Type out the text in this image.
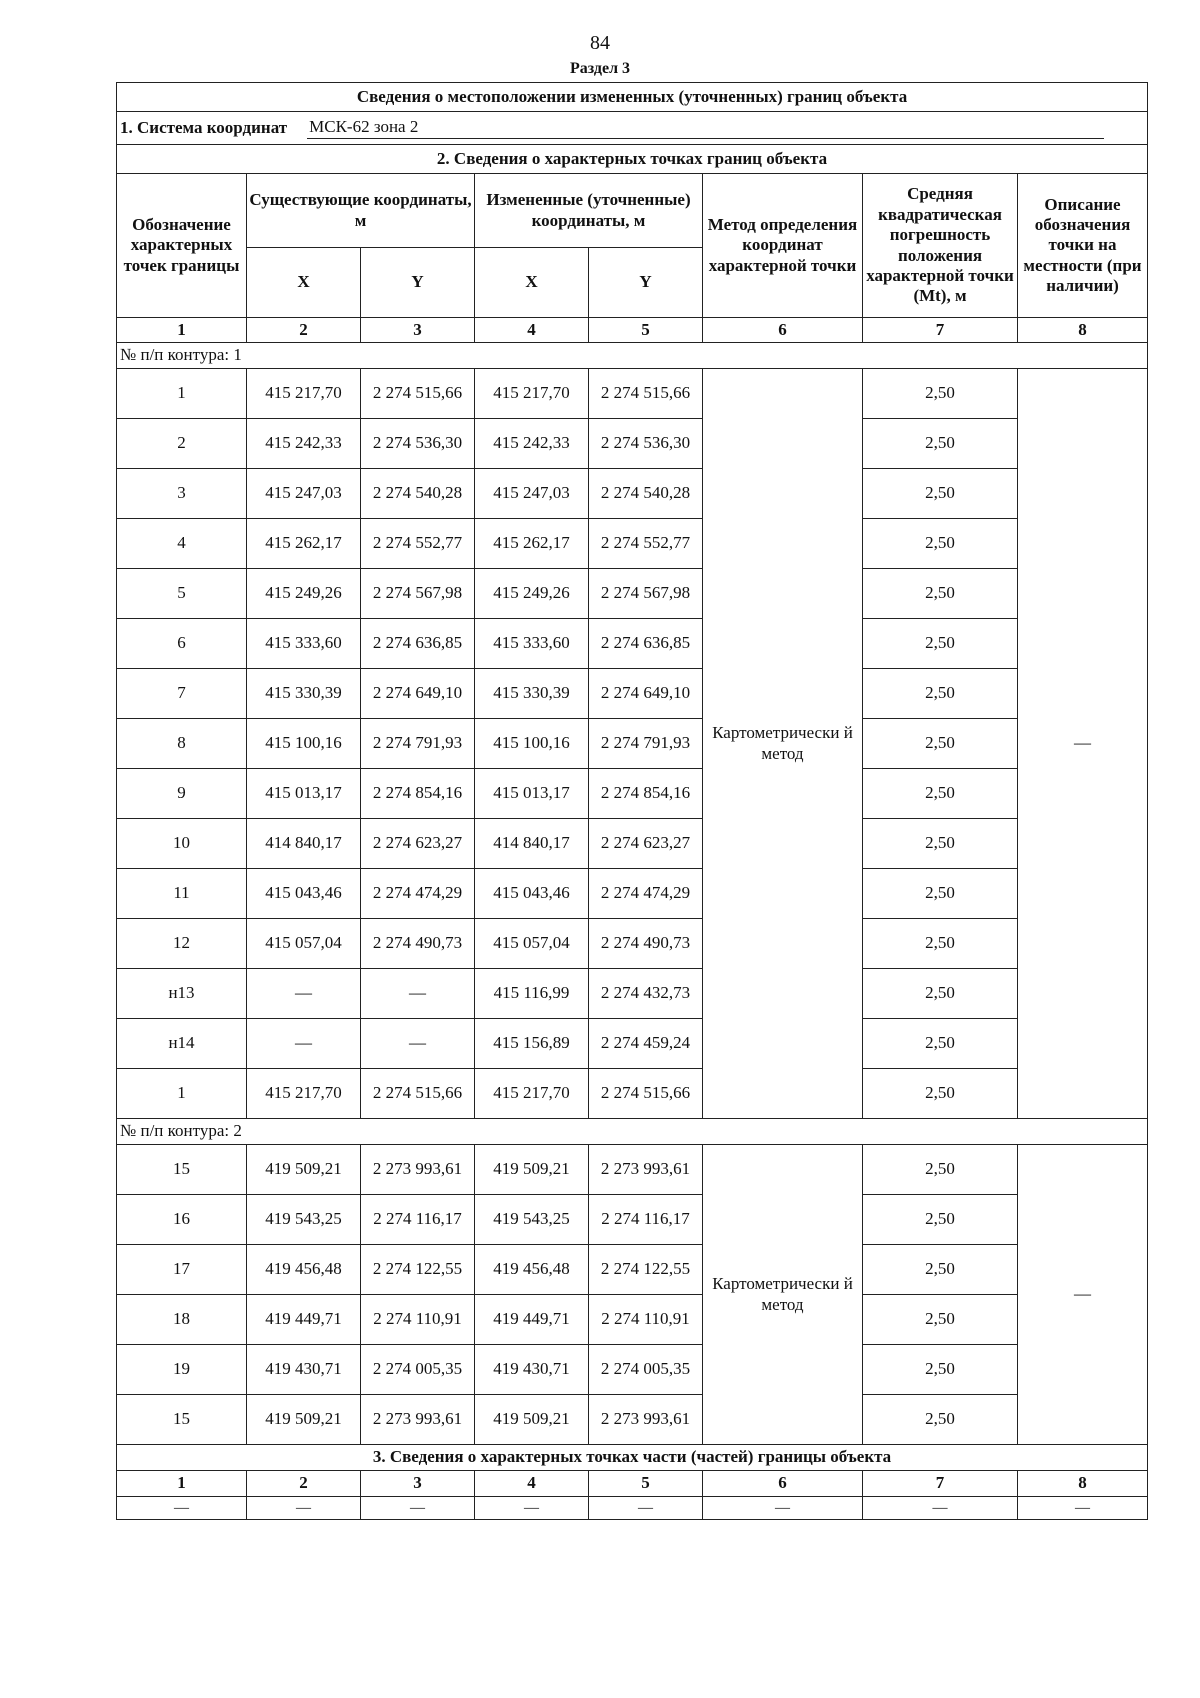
84
Раздел 3
Сведения о местоположении измененных (уточненных) границ объекта							

1. Система координат МСК-62 зона 2							

2. Сведения о характерных точках границ объекта							
Обозначение характерных точек границы	Существующие координаты, м		Измененные (уточненные) координаты, м		Метод определения координат характерной точки	Средняя квадратическая погрешность положения характерной точки (Mt), м	Описание обозначения точки на местности (при наличии)
	X	Y	X	Y			
1	2	3	4	5	6	7	8
№ п/п контура: 1							
1	415 217,70	2 274 515,66	415 217,70	2 274 515,66	Картометрически й метод	2,50	—
2	415 242,33	2 274 536,30	415 242,33	2 274 536,30		2,50	
3	415 247,03	2 274 540,28	415 247,03	2 274 540,28		2,50	
4	415 262,17	2 274 552,77	415 262,17	2 274 552,77		2,50	
5	415 249,26	2 274 567,98	415 249,26	2 274 567,98		2,50	
6	415 333,60	2 274 636,85	415 333,60	2 274 636,85		2,50	
7	415 330,39	2 274 649,10	415 330,39	2 274 649,10		2,50	
8	415 100,16	2 274 791,93	415 100,16	2 274 791,93		2,50	
9	415 013,17	2 274 854,16	415 013,17	2 274 854,16		2,50	
10	414 840,17	2 274 623,27	414 840,17	2 274 623,27		2,50	
11	415 043,46	2 274 474,29	415 043,46	2 274 474,29		2,50	
12	415 057,04	2 274 490,73	415 057,04	2 274 490,73		2,50	
н13	—	—	415 116,99	2 274 432,73		2,50	
н14	—	—	415 156,89	2 274 459,24		2,50	
1	415 217,70	2 274 515,66	415 217,70	2 274 515,66		2,50	
№ п/п контура: 2							
15	419 509,21	2 273 993,61	419 509,21	2 273 993,61	Картометрически й метод	2,50	—
16	419 543,25	2 274 116,17	419 543,25	2 274 116,17		2,50	
17	419 456,48	2 274 122,55	419 456,48	2 274 122,55		2,50	
18	419 449,71	2 274 110,91	419 449,71	2 274 110,91		2,50	
19	419 430,71	2 274 005,35	419 430,71	2 274 005,35		2,50	
15	419 509,21	2 273 993,61	419 509,21	2 273 993,61		2,50	
3. Сведения о характерных точках части (частей) границы объекта							
1	2	3	4	5	6	7	8
—	—	—	—	—	—	—	—
